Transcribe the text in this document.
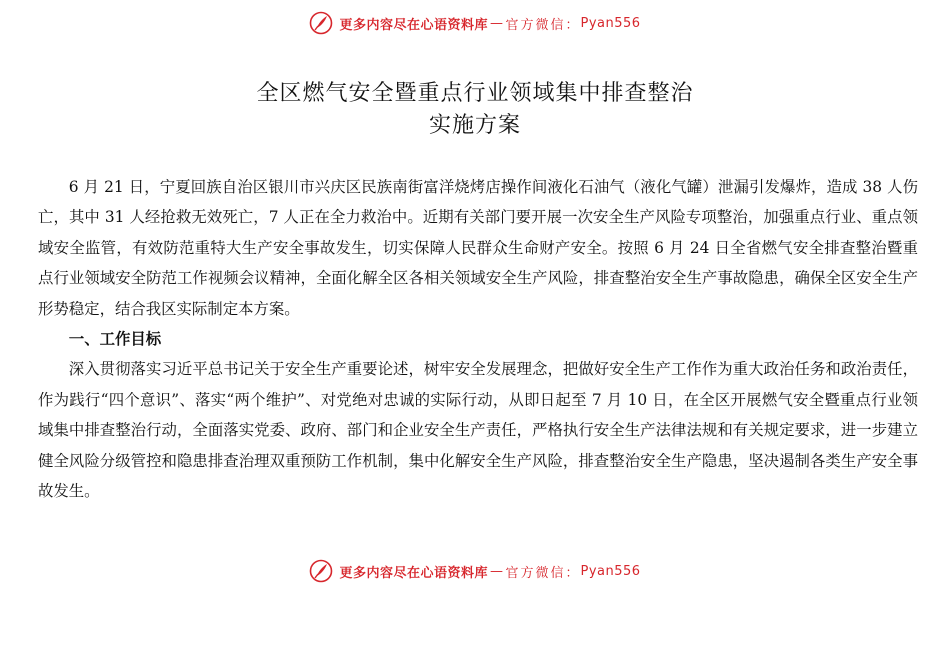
更多内容尽在心语资料库 — 官方微信： Pyan556
全区燃气安全暨重点行业领域集中排查整治
实施方案

6 月 21 日，宁夏回族自治区银川市兴庆区民族南街富洋烧烤店操作间液化石油气（液化气罐）泄漏引发爆炸，造成 38 人伤亡，其中 31 人经抢救无效死亡，7 人正在全力救治中。近期有关部门要开展一次安全生产风险专项整治，加强重点行业、重点领域安全监管，有效防范重特大生产安全事故发生，切实保障人民群众生命财产安全。按照 6 月 24 日全省燃气安全排查整治暨重点行业领域安全防范工作视频会议精神，全面化解全区各相关领域安全生产风险，排查整治安全生产事故隐患，确保全区安全生产形势稳定，结合我区实际制定本方案。

一、工作目标

深入贯彻落实习近平总书记关于安全生产重要论述，树牢安全发展理念，把做好安全生产工作作为重大政治任务和政治责任，作为践行“四个意识”、落实“两个维护”、对党绝对忠诚的实际行动，从即日起至 7 月 10 日，在全区开展燃气安全暨重点行业领域集中排查整治行动，全面落实党委、政府、部门和企业安全生产责任，严格执行安全生产法律法规和有关规定要求，进一步建立健全风险分级管控和隐患排查治理双重预防工作机制，集中化解安全生产风险，排查整治安全生产隐患，坚决遏制各类生产安全事故发生。

更多内容尽在心语资料库 — 官方微信： Pyan556
